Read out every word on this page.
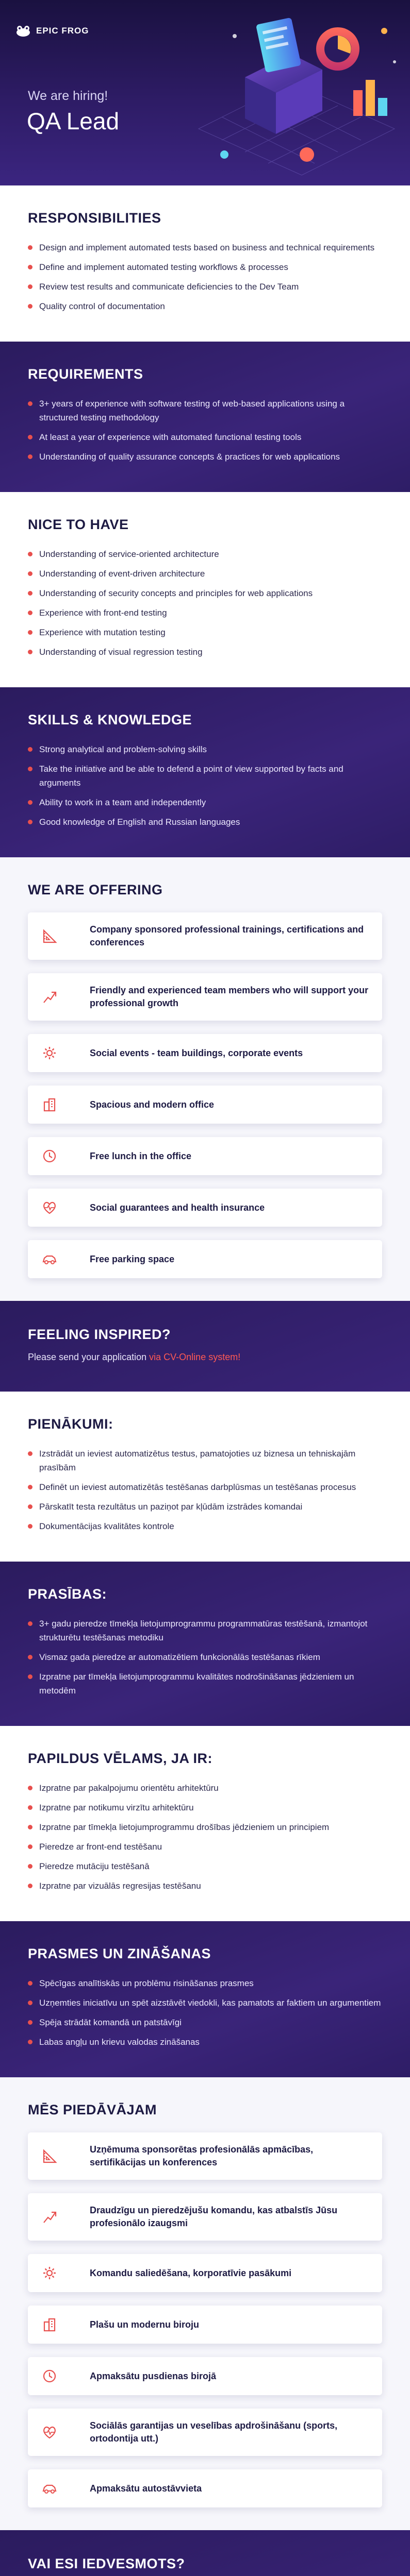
EPIC FROG
We are hiring!
QA Lead
RESPONSIBILITIES
Design and implement automated tests based on business and technical requirements
Define and implement automated testing workflows & processes
Review test results and communicate deficiencies to the Dev Team
Quality control of documentation
REQUIREMENTS
3+ years of experience with software testing of web-based applications using a structured testing methodology
At least a year of experience with automated functional testing tools
Understanding of quality assurance concepts & practices for web applications
NICE TO HAVE
Understanding of service-oriented architecture
Understanding of event-driven architecture
Understanding of security concepts and principles for web applications
Experience with front-end testing
Experience with mutation testing
Understanding of visual regression testing
SKILLS & KNOWLEDGE
Strong analytical and problem-solving skills
Take the initiative and be able to defend a point of view supported by facts and arguments
Ability to work in a team and independently
Good knowledge of English and Russian languages
WE ARE OFFERING
Company sponsored professional trainings, certifications and conferences
Friendly and experienced team members who will support your professional growth
Social events - team buildings, corporate events
Spacious and modern office
Free lunch in the office
Social guarantees and health insurance
Free parking space
FEELING INSPIRED?

Please send your application via CV-Online system!

PIENĀKUMI:
Izstrādāt un ieviest automatizētus testus, pamatojoties uz biznesa un tehniskajām prasībām
Definēt un ieviest automatizētās testēšanas darbplūsmas un testēšanas procesus
Pārskatīt testa rezultātus un paziņot par kļūdām izstrādes komandai
Dokumentācijas kvalitātes kontrole
PRASĪBAS:
3+ gadu pieredze tīmekļa lietojumprogrammu programmatūras testēšanā, izmantojot strukturētu testēšanas metodiku
Vismaz gada pieredze ar automatizētiem funkcionālās testēšanas rīkiem
Izpratne par tīmekļa lietojumprogrammu kvalitātes nodrošināšanas jēdzieniem un metodēm
PAPILDUS VĒLAMS, JA IR:
Izpratne par pakalpojumu orientētu arhitektūru
Izpratne par notikumu virzītu arhitektūru
Izpratne par tīmekļa lietojumprogrammu drošības jēdzieniem un principiem
Pieredze ar front-end testēšanu
Pieredze mutāciju testēšanā
Izpratne par vizuālās regresijas testēšanu
PRASMES UN ZINĀŠANAS
Spēcīgas analītiskās un problēmu risināšanas prasmes
Uzņemties iniciatīvu un spēt aizstāvēt viedokli, kas pamatots ar faktiem un argumentiem
Spēja strādāt komandā un patstāvīgi
Labas angļu un krievu valodas zināšanas
MĒS PIEDĀVĀJAM
Uzņēmuma sponsorētas profesionālās apmācības, sertifikācijas un konferences
Draudzīgu un pieredzējušu komandu, kas atbalstīs Jūsu profesionālo izaugsmi
Komandu saliedēšana, korporatīvie pasākumi
Plašu un modernu biroju
Apmaksātu pusdienas birojā
Sociālās garantijas un veselības apdrošināšanu (sports, ortodontija utt.)
Apmaksātu autostāvvieta
VAI ESI IEDVESMOTS?
